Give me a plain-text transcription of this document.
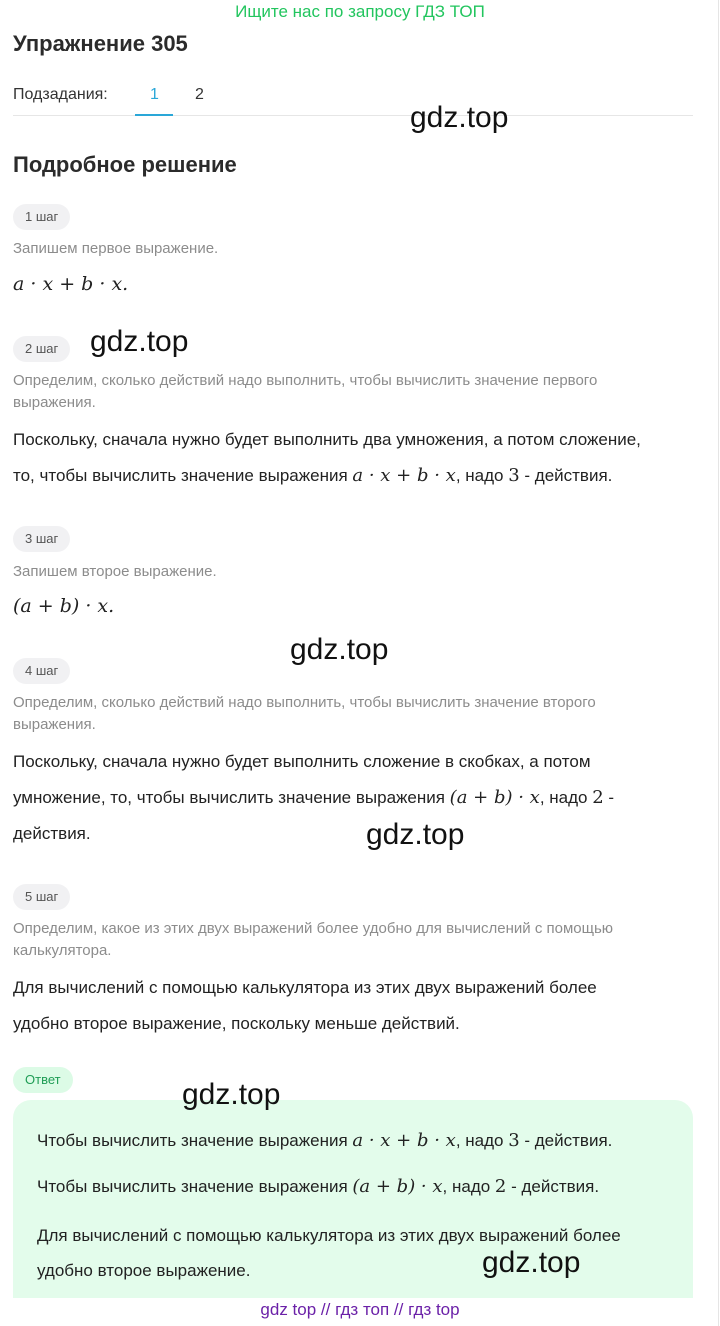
Ищите нас по запросу ГДЗ ТОП
Упражнение 305
Подзадания:	1 2
Подробное решение
1 шаг
Запишем первое выражение.
a · x + b · x.
2 шаг
Определим, сколько действий надо выполнить, чтобы вычислить значение первого выражения.
Поскольку, сначала нужно будет выполнить два умножения, а потом сложение,
то, чтобы вычислить значение выражения a · x + b · x, надо 3 - действия.
3 шаг
Запишем второе выражение.
(a + b) · x.
4 шаг
Определим, сколько действий надо выполнить, чтобы вычислить значение второго выражения.
Поскольку, сначала нужно будет выполнить сложение в скобках, а потом
умножение, то, чтобы вычислить значение выражения (a + b) · x, надо 2 -
действия.
5 шаг
Определим, какое из этих двух выражений более удобно для вычислений с помощью калькулятора.
Для вычислений с помощью калькулятора из этих двух выражений более
удобно второе выражение, поскольку меньше действий.
Ответ
Чтобы вычислить значение выражения a · x + b · x, надо 3 - действия.
Чтобы вычислить значение выражения (a + b) · x, надо 2 - действия.
Для вычислений с помощью калькулятора из этих двух выражений более удобно второе выражение.
gdz.top
gdz.top
gdz.top
gdz.top
gdz.top
gdz.top
gdz top // гдз топ // гдз top
